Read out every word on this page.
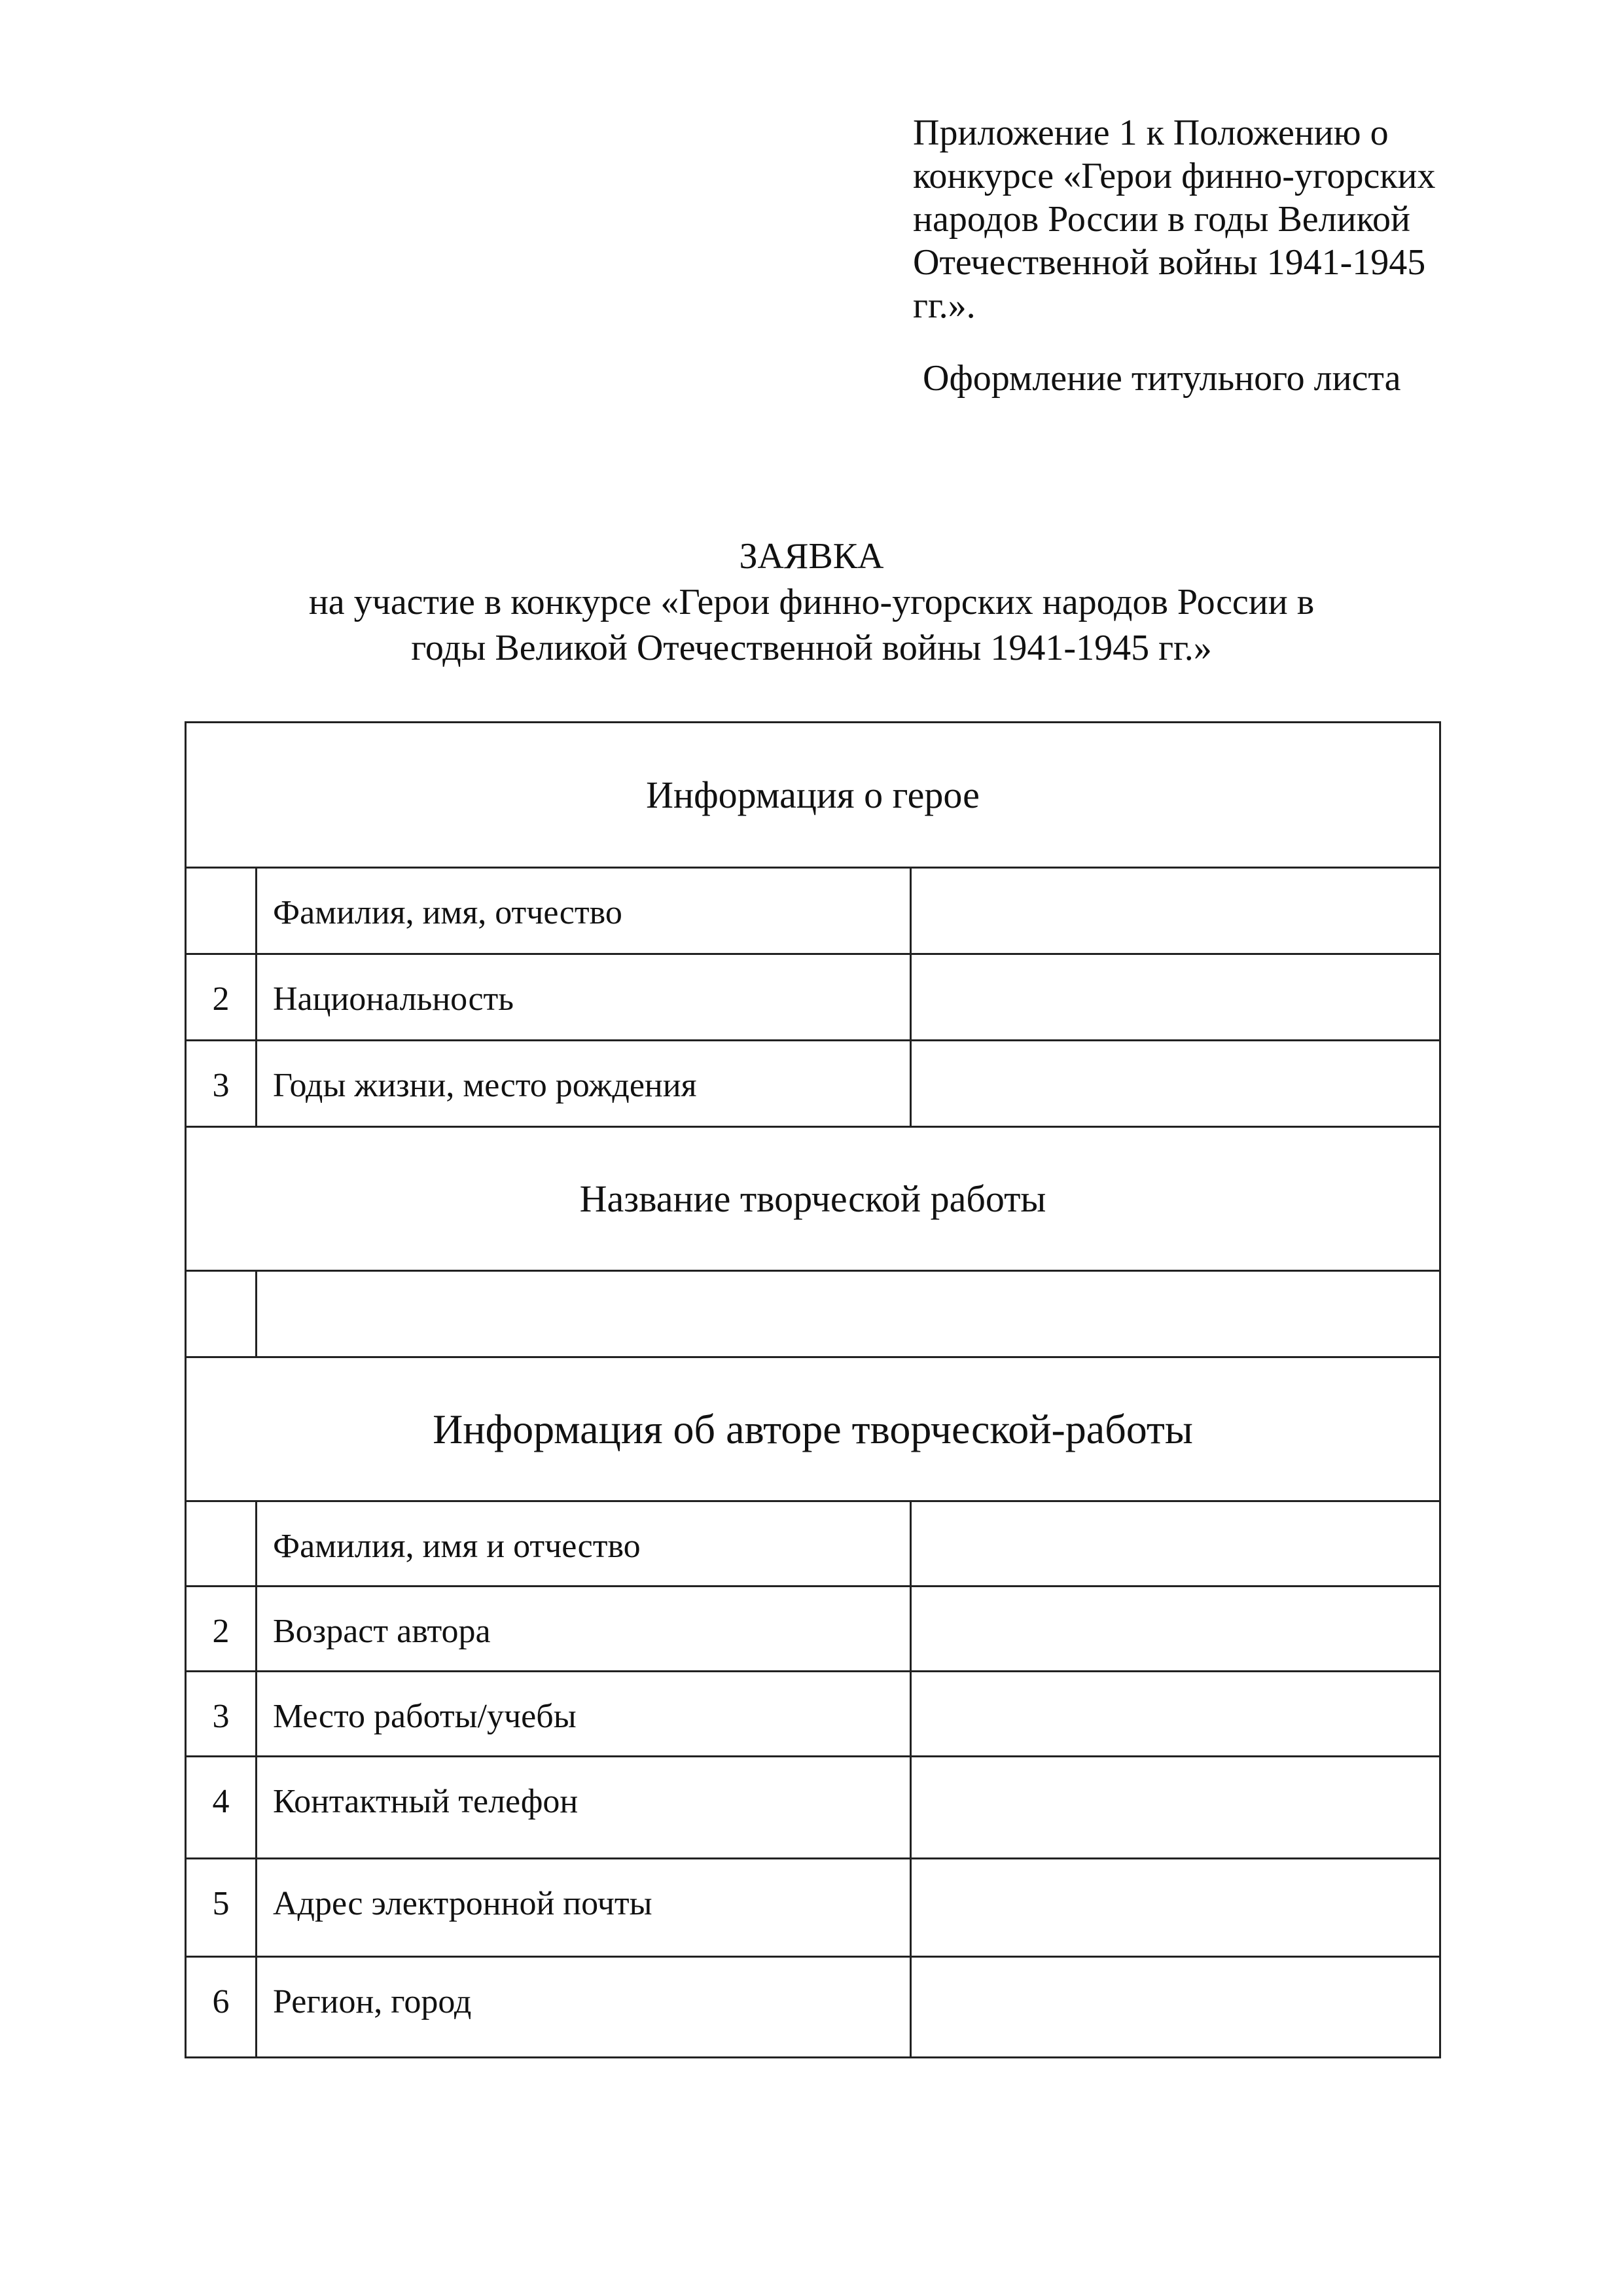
Приложение 1 к Положению о
конкурсе «Герои финно-угорских
народов России в годы Великой
Отечественной войны 1941-1945
гг.».
Оформление титульного листа
ЗАЯВКА
на участие в конкурсе «Герои финно-угорских народов России в
годы Великой Отечественной войны 1941-1945 гг.»
Информация о герое
Фамилия, имя, отчество
2	Национальность
3	Годы жизни, место рождения
Название творческой работы
Информация об авторе творческой-работы
Фамилия, имя и отчество
2	Возраст автора
3	Место работы/учебы
4	Контактный телефон
5	Адрес электронной почты
6	Регион, город
